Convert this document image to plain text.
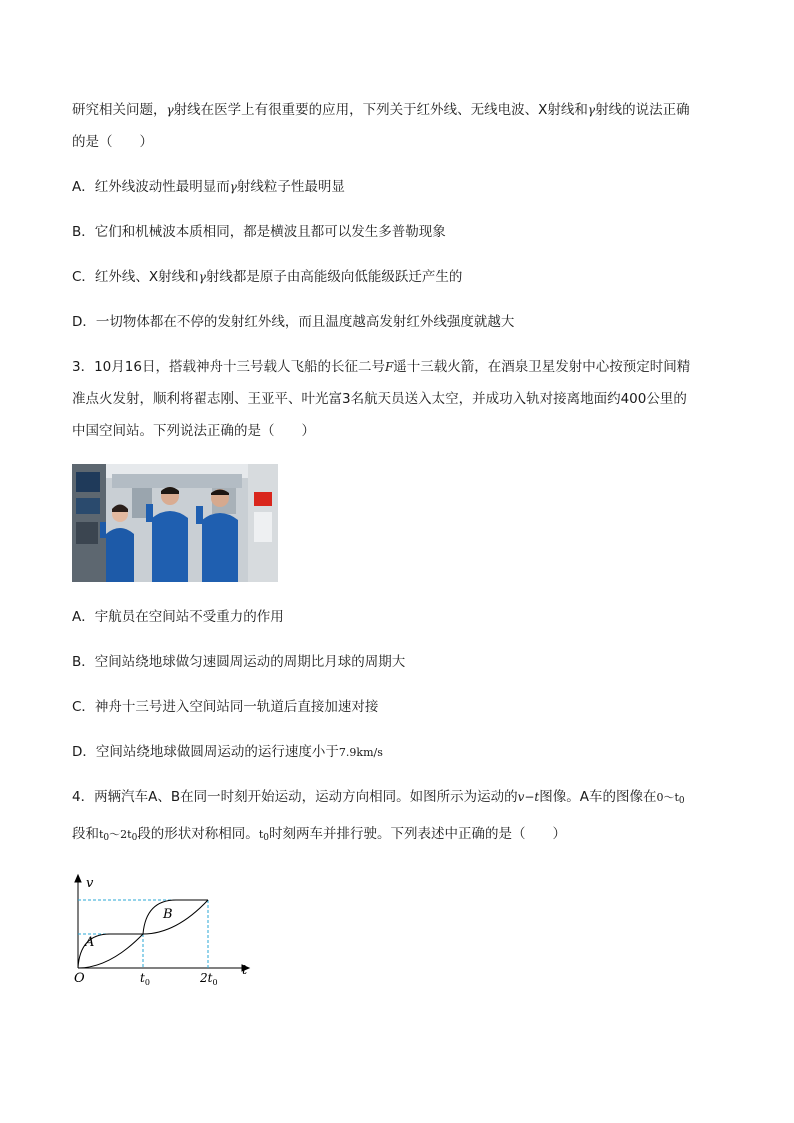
研究相关问题，γ射线在医学上有很重要的应用，下列关于红外线、无线电波、X射线和γ射线的说法正确
的是（　　）
A．红外线波动性最明显而γ射线粒子性最明显
B．它们和机械波本质相同，都是横波且都可以发生多普勒现象
C．红外线、X射线和γ射线都是原子由高能级向低能级跃迁产生的
D．一切物体都在不停的发射红外线，而且温度越高发射红外线强度就越大
3．10月16日，搭载神舟十三号载人飞船的长征二号F遥十三载火箭，在酒泉卫星发射中心按预定时间精
准点火发射，顺利将翟志刚、王亚平、叶光富3名航天员送入太空，并成功入轨对接离地面约400公里的
中国空间站。下列说法正确的是（　　）
A．宇航员在空间站不受重力的作用
B．空间站绕地球做匀速圆周运动的周期比月球的周期大
C．神舟十三号进入空间站同一轨道后直接加速对接
D．空间站绕地球做圆周运动的运行速度小于7.9km/s
4．两辆汽车A、B在同一时刻开始运动，运动方向相同。如图所示为运动的v−t图像。A车的图像在$0\sim t_0$
段和$t_0\sim 2t_0$段的形状对称相同。$t_0$时刻两车并排行驶。下列表述中正确的是（　　）
v
t
O
A
B
$t_0$	$2t_0$
